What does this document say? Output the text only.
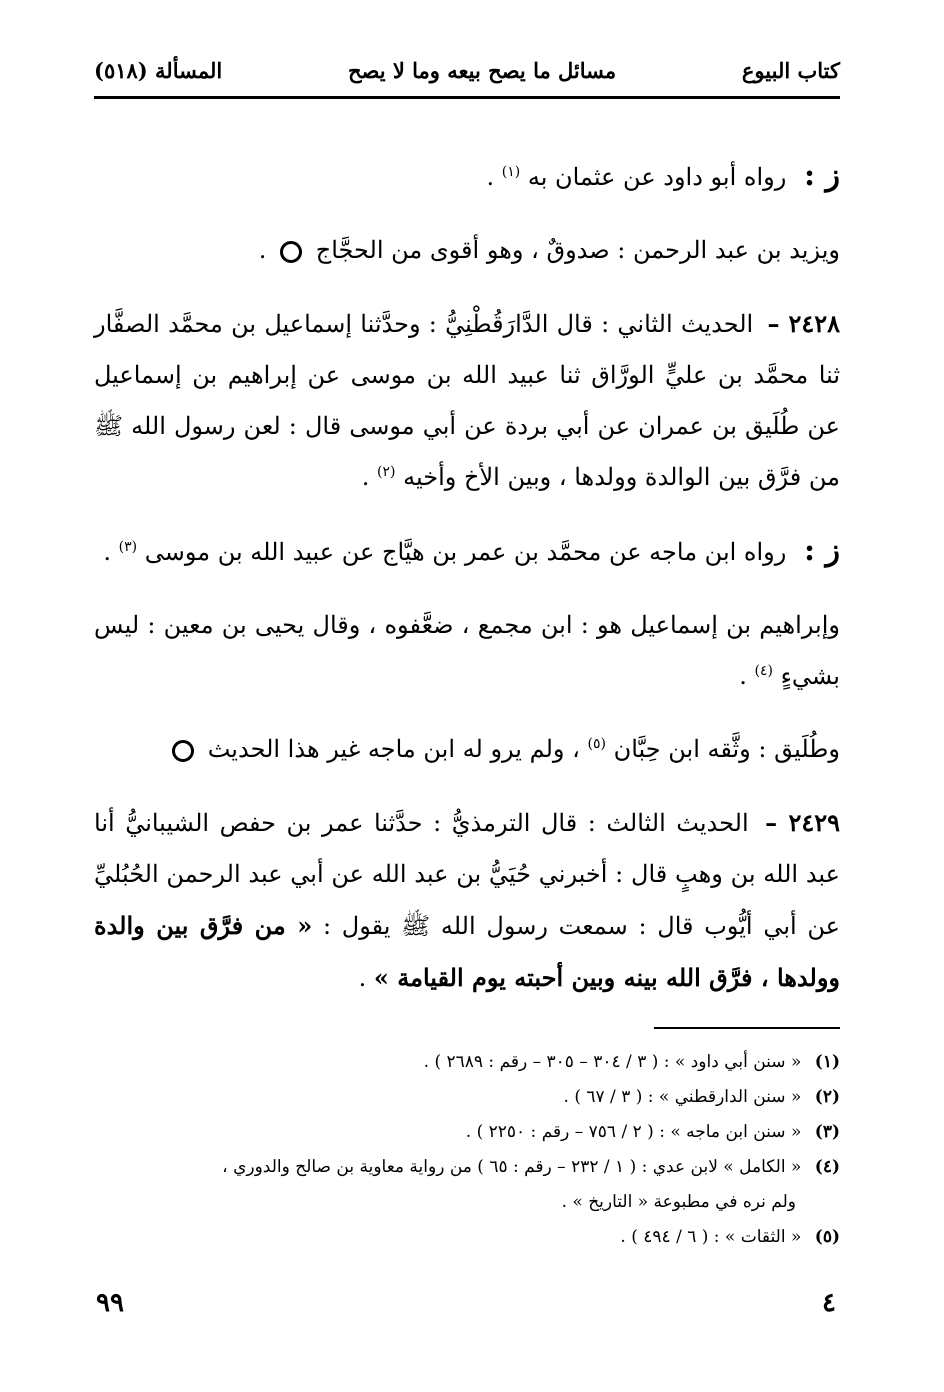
كتاب البيوع
مسائل ما يصح بيعه وما لا يصح
المسألة (٥١٨)

ز : رواه أبو داود عن عثمان به $^{(١)}$ .

ويزيد بن عبد الرحمن : صدوقٌ ، وهو أقوى من الحجَّاج  .

٢٤٢٨ – الحديث الثاني : قال الدَّارَقُطْنِيُّ : وحدَّثنا إسماعيل بن محمَّد الصفَّار ثنا محمَّد بن عليٍّ الورَّاق ثنا عبيد الله بن موسى عن إبراهيم بن إسماعيل عن طُلَيق بن عمران عن أبي بردة عن أبي موسى قال : لعن رسول الله ﷺ من فرَّق بين الوالدة وولدها ، وبين الأخ وأخيه $^{(٢)}$ .

ز : رواه ابن ماجه عن محمَّد بن عمر بن هيَّاج عن عبيد الله بن موسى $^{(٣)}$ .

وإبراهيم بن إسماعيل هو : ابن مجمع ، ضعَّفوه ، وقال يحيى بن معين : ليس بشيءٍ $^{(٤)}$ .

وطُلَيق : وثَّقه ابن حِبَّان $^{(٥)}$ ، ولم يرو له ابن ماجه غير هذا الحديث

٢٤٢٩ – الحديث الثالث : قال الترمذيُّ : حدَّثنا عمر بن حفص الشيبانيُّ أنا عبد الله بن وهبٍ قال : أخبرني حُيَيُّ بن عبد الله عن أبي عبد الرحمن الحُبُليِّ عن أبي أيُّوب قال : سمعت رسول الله ﷺ يقول : « من فرَّق بين والدة وولدها ، فرَّق الله بينه وبين أحبته يوم القيامة » .

(١) « سنن أبي داود » : ( ٣ / ٣٠٤ – ٣٠٥ – رقم : ٢٦٨٩ ) .

(٢) « سنن الدارقطني » : ( ٣ / ٦٧ ) .

(٣) « سنن ابن ماجه » : ( ٢ / ٧٥٦ – رقم : ٢٢٥٠ ) .

(٤) « الكامل » لابن عدي : ( ١ / ٢٣٢ – رقم : ٦٥ ) من رواية معاوية بن صالح والدوري ،

ولم نره في مطبوعة « التاريخ » .

(٥) « الثقات » : ( ٦ / ٤٩٤ ) .

٩٩	٤
